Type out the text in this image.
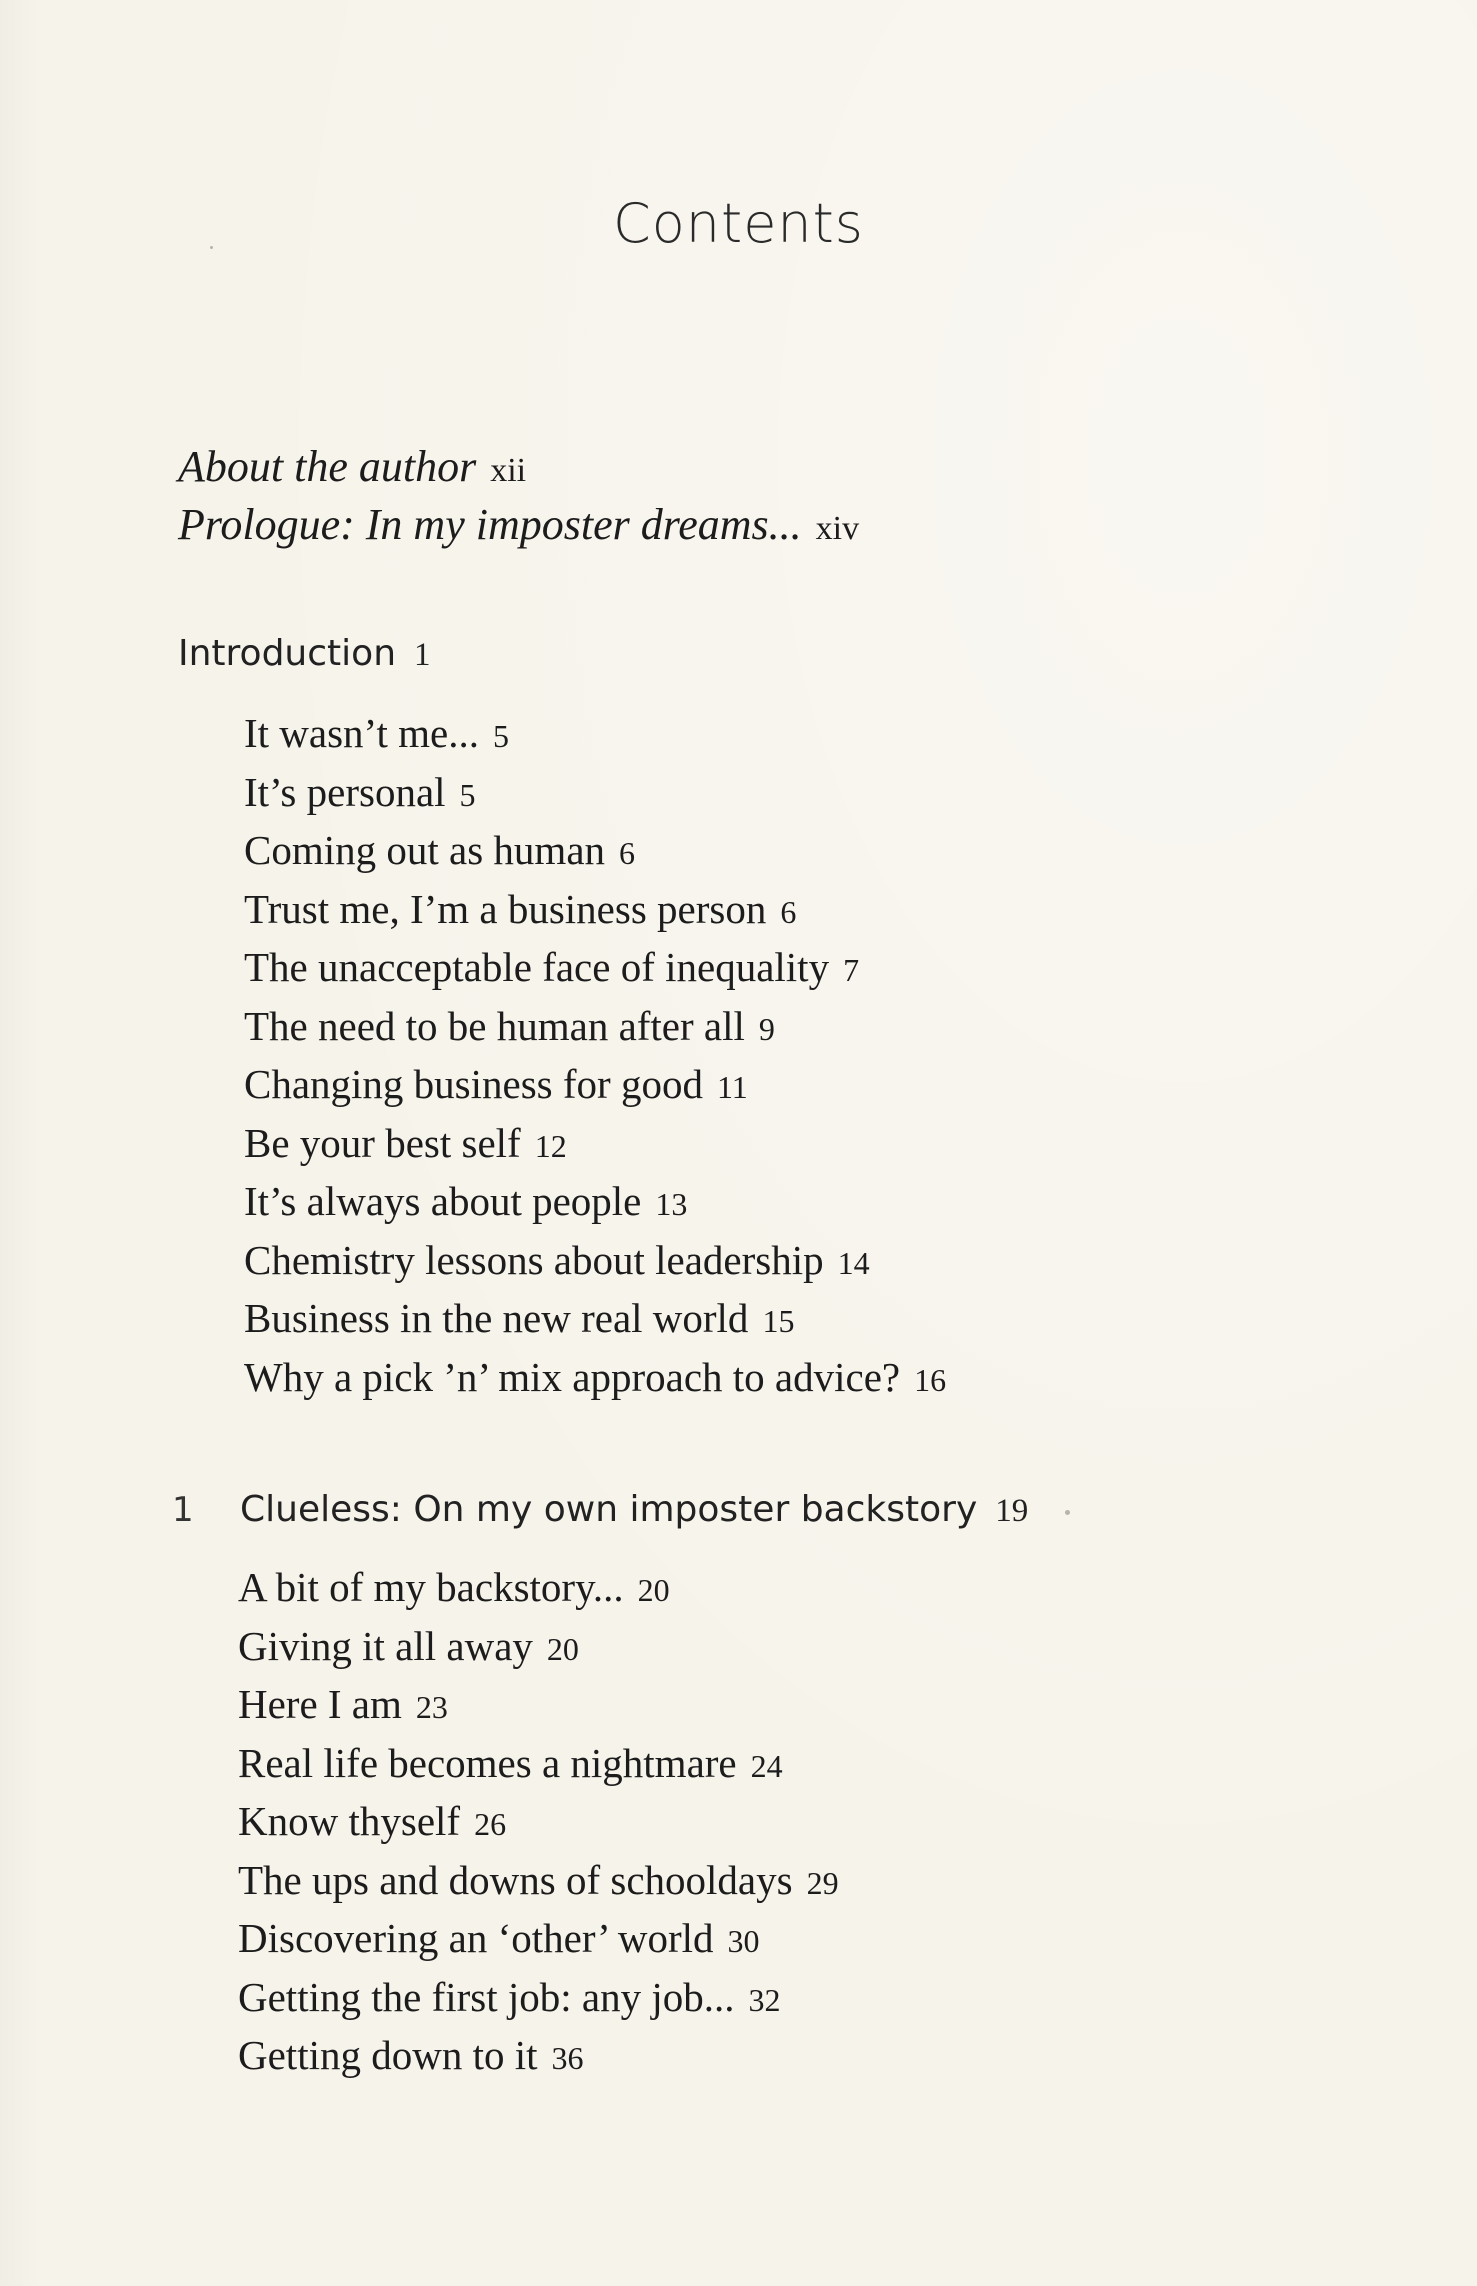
Contents
About the author xii
Prologue: In my imposter dreams... xiv
Introduction 1
It wasn’t me... 5
It’s personal 5
Coming out as human 6
Trust me, I’m a business person 6
The unacceptable face of inequality 7
The need to be human after all 9
Changing business for good 11
Be your best self 12
It’s always about people 13
Chemistry lessons about leadership 14
Business in the new real world 15
Why a pick ’n’ mix approach to advice? 16
1 Clueless: On my own imposter backstory 19
A bit of my backstory... 20
Giving it all away 20
Here I am 23
Real life becomes a nightmare 24
Know thyself 26
The ups and downs of schooldays 29
Discovering an ‘other’ world 30
Getting the first job: any job... 32
Getting down to it 36
